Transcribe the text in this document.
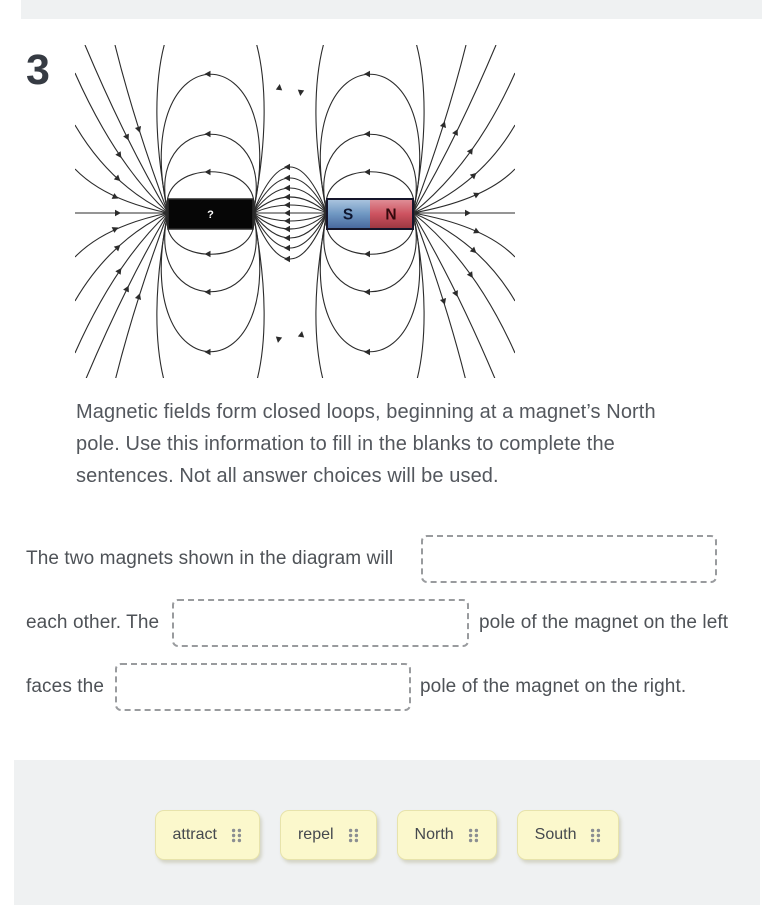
3
?	S N
Magnetic fields form closed loops, beginning at a magnet’s North
pole. Use this information to fill in the blanks to complete the
sentences. Not all answer choices will be used.
The two magnets shown in the diagram will
each other. The	pole of the magnet on the left
faces the	pole of the magnet on the right.
attract	repel	North	South
